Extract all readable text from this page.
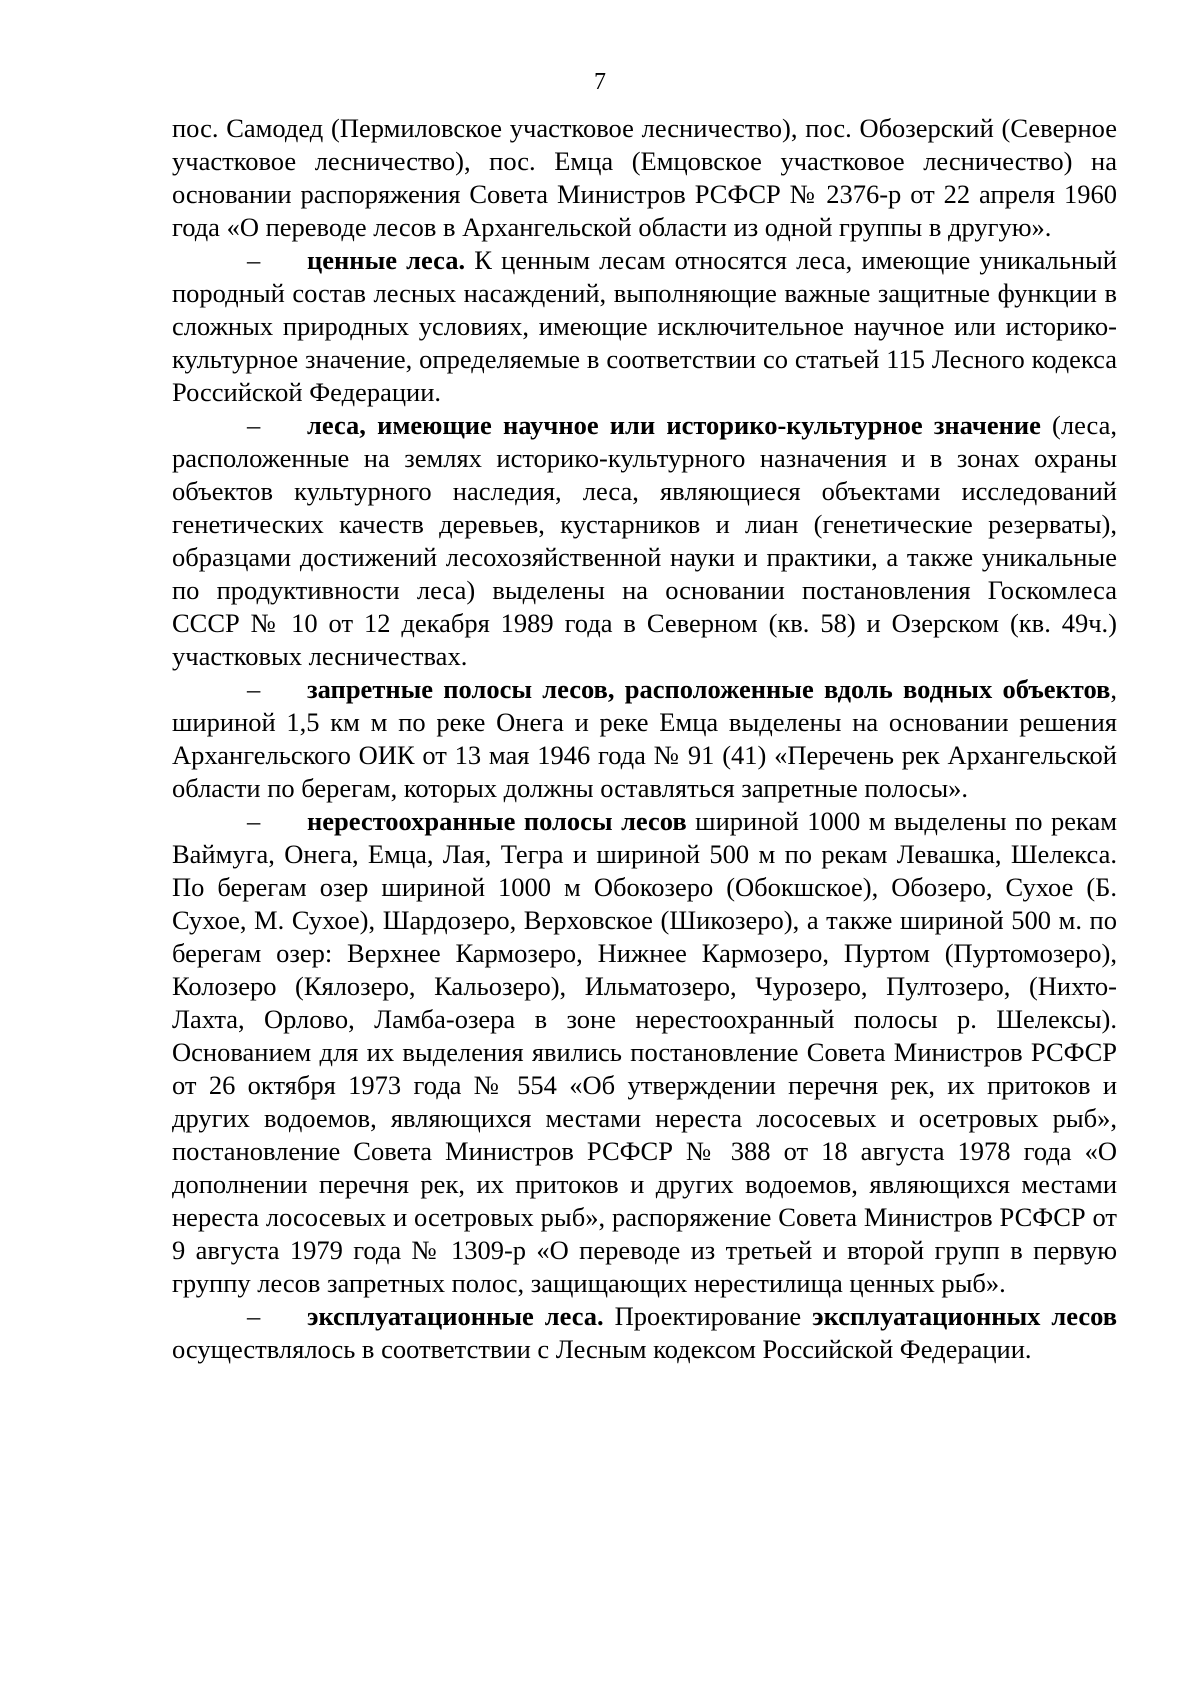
7

пос. Самодед (Пермиловское участковое лесничество), пос. Обозерский (Северное участковое лесничество), пос. Емца (Емцовское участковое лесничество) на основании распоряжения Совета Министров РСФСР № 2376-р от 22 апреля 1960 года «О переводе лесов в Архангельской области из одной группы в другую».

– ценные леса. К ценным лесам относятся леса, имеющие уникальный породный состав лесных насаждений, выполняющие важные защитные функции в сложных природных условиях, имеющие исключительное научное или историко-культурное значение, определяемые в соответствии со статьей 115 Лесного кодекса Российской Федерации.

– леса, имеющие научное или историко-культурное значение (леса, расположенные на землях историко-культурного назначения и в зонах охраны объектов культурного наследия, леса, являющиеся объектами исследований генетических качеств деревьев, кустарников и лиан (генетические резерваты), образцами достижений лесохозяйственной науки и практики, а также уникальные по продуктивности леса) выделены на основании постановления Госкомлеса СССР № 10 от 12 декабря 1989 года в Северном (кв. 58) и Озерском (кв. 49ч.) участковых лесничествах.

– запретные полосы лесов, расположенные вдоль водных объектов, шириной 1,5 км м по реке Онега и реке Емца выделены на основании решения Архангельского ОИК от 13 мая 1946 года № 91 (41) «Перечень рек Архангельской области по берегам, которых должны оставляться запретные полосы».

– нерестоохранные полосы лесов шириной 1000 м выделены по рекам Ваймуга, Онега, Емца, Лая, Тегра и шириной 500 м по рекам Левашка, Шелекса. По берегам озер шириной 1000 м Обокозеро (Обокшское), Обозеро, Сухое (Б. Сухое, М. Сухое), Шардозеро, Верховское (Шикозеро), а также шириной 500 м. по берегам озер: Верхнее Кармозеро, Нижнее Кармозеро, Пуртом (Пуртомозеро), Колозеро (Кялозеро, Кальозеро), Ильматозеро, Чурозеро, Пултозеро, (Нихто-Лахта, Орлово, Ламба-озера в зоне нерестоохранный полосы р. Шелексы). Основанием для их выделения явились постановление Совета Министров РСФСР от 26 октября 1973 года № 554 «Об утверждении перечня рек, их притоков и других водоемов, являющихся местами нереста лососевых и осетровых рыб», постановление Совета Министров РСФСР № 388 от 18 августа 1978 года «О дополнении перечня рек, их притоков и других водоемов, являющихся местами нереста лососевых и осетровых рыб», распоряжение Совета Министров РСФСР от 9 августа 1979 года № 1309-р «О переводе из третьей и второй групп в первую группу лесов запретных полос, защищающих нерестилища ценных рыб».

– эксплуатационные леса. Проектирование эксплуатационных лесов осуществлялось в соответствии с Лесным кодексом Российской Федерации.
